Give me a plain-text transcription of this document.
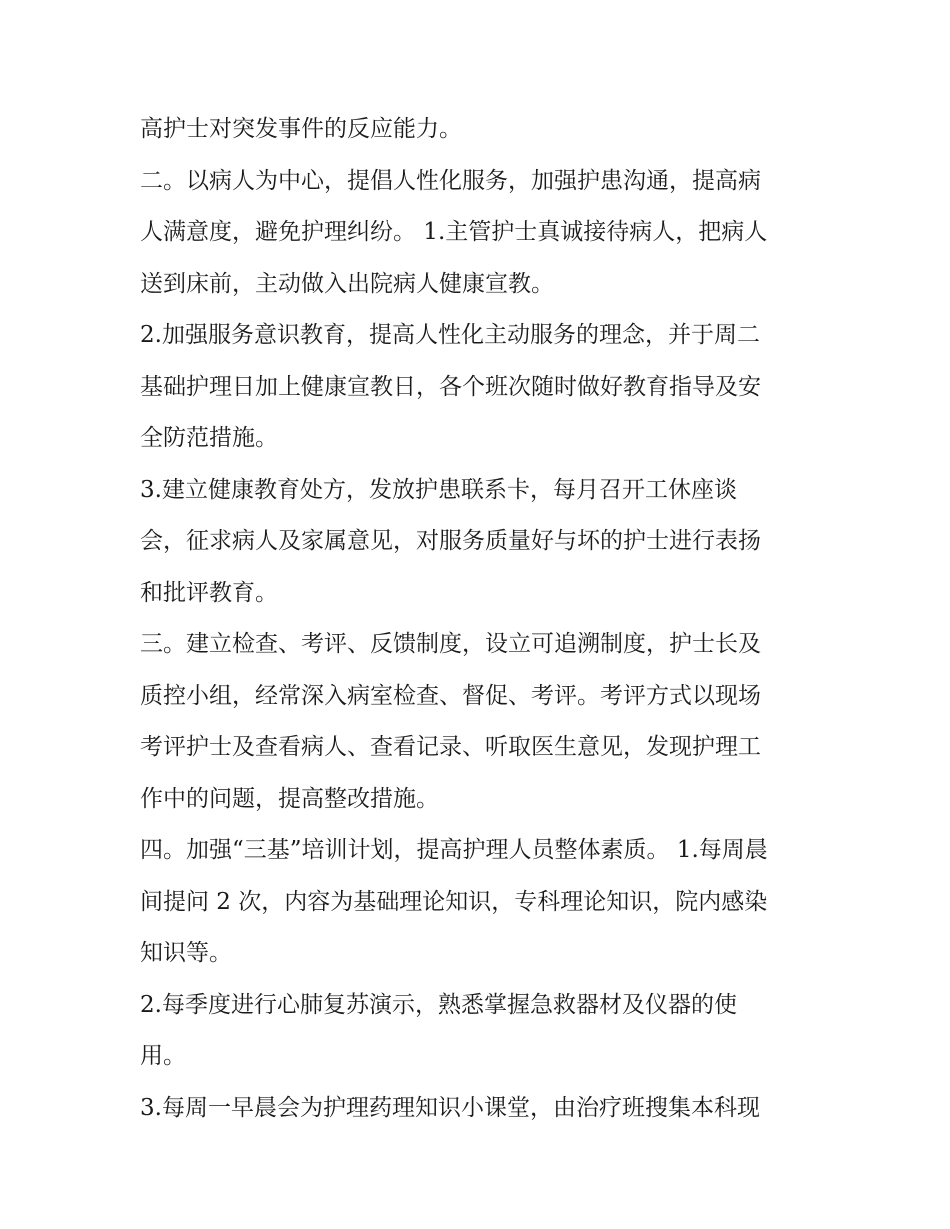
高护士对突发事件的反应能力。
二。以病人为中心，提倡人性化服务，加强护患沟通，提高病
人满意度，避免护理纠纷。 1.主管护士真诚接待病人，把病人
送到床前，主动做入出院病人健康宣教。
2.加强服务意识教育，提高人性化主动服务的理念，并于周二
基础护理日加上健康宣教日，各个班次随时做好教育指导及安
全防范措施。
3.建立健康教育处方，发放护患联系卡，每月召开工休座谈
会，征求病人及家属意见，对服务质量好与坏的护士进行表扬
和批评教育。
三。建立检查、考评、反馈制度，设立可追溯制度，护士长及
质控小组，经常深入病室检查、督促、考评。考评方式以现场
考评护士及查看病人、查看记录、听取医生意见，发现护理工
作中的问题，提高整改措施。
四。加强“三基”培训计划，提高护理人员整体素质。 1.每周晨
间提问 2 次，内容为基础理论知识，专科理论知识，院内感染
知识等。
2.每季度进行心肺复苏演示，熟悉掌握急救器材及仪器的使
用。
3.每周一早晨会为护理药理知识小课堂，由治疗班搜集本科现
